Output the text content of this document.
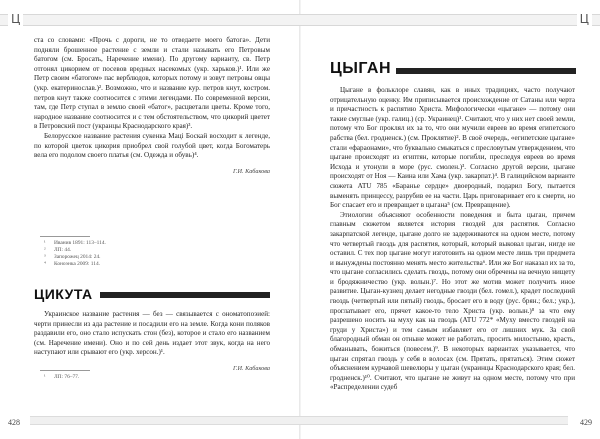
Ц

ста со словами: «Прочь с дороги, не то отведаете моего батога». Дети подняли брошенное растение с земли и стали называть его Петровым батогом (см. Бросать, Наречение имени). По другому варианту, св. Петр отгонял цикорием от посевов вредных насекомых (укр. харьков.)¹. Или же Петр своим «батогом» пас верблюдов, которых потому и зовут петровы овцы (укр. екатеринослав.)². Возможно, что и название кур. петров кнут, костром. петров кнут также соотносится с этими легендами. По современной версии, там, где Петр ступал в землю своей «батог», расцветали цветы. Кроме того, народное название соотносится и с тем обстоятельством, что цикорий цветет в Петровский пост (укранцы Краснодарского края)³.

Белорусское название растения сукенка Маці Боскай восходит к легенде, по которой цветок цикория приобрел свой голубой цвет, когда Богоматерь вела его подолом своего платья (см. Одежда и обувь)⁴.

Г.И. Кабакова
¹ Иванив 1891: 113–114.
² ЛП: 44.
³ Запорожец 2014: 24.
⁴ Коноэнка 2009: 114.
ЦИКУТА

Украинское название растения — без — связывается с ономатопоэией: черти принесли из ада растение и посадили его на земле. Когда кони поляков раздавили его, оно стало испускать стон (без), которое и стало его названием (см. Наречение имени). Оно и по сей день издает этот звук, когда на него наступают или срывают его (укр. херсон.)¹.

Г.И. Кабакова
¹ ЛП: 76–77.
428
Ц
ЦЫГАН

Цыгане в фольклоре славян, как в иных традициях, часто получают отрицательную оценку. Им приписывается происхождение от Сатаны или черта и причастность к распятию Христа. Мифологически «цыгане» — потому они такие смуглые (укр. галиц.) (ср. Украинец)¹. Считают, что у них нет своей земли, потому что Бог проклял их за то, что они мучили евреев во время египетского рабства (бел. гродненск.) (см. Проклятие)². В своё очередь, «египетские цыгане» стали «фараонами», что буквально смыкаться с пресловутым утверждением, что цыгане происходят из египтян, которые погибли, преследуя евреев во время Исхода и утонули в море (рус. смолен.)³. Согласно другой версии, цыгане происходят от Ноя — Каина или Хама (укр. закарпат.)⁴. В галицийском варианте сюжета ATU 785 «Баранье сердце» двоеродный, подарил Богу, пытается выменять принцессу, разрубив ее на части. Царь приговаривает его к смерти, но Бог спасает его и превращает в цыгана⁵ (см. Превращение).

Этиологии объясняют особенности поведения и быта цыган, причем главным сюжетом является история гвоздей для распятия. Согласно закарпатской легенде, цыгане долго не задерживаются на одном месте, потому что четвертый гвоздь для распятия, который, который выковал цыган, нигде не оставил. С тех пор цыгане могут изготовить на одном месте лишь три предмета и вынуждены постоянно менять место жительства⁶. Или же Бог наказал их за то, что цыгане согласились сделать гвоздь, потому они обречены на вечную нищету и бродяжничество (укр. волын.)⁷. Но этот же мотив может получить иное развитие. Цыган-кузнец делает негодные гвозди (бел. гомел.), крадет последний гвоздь (четвертый или пятый) гвоздь, бросает его в воду (рус. брян.; бел.; укр.), проглатывает его, прячет какое-то тело Христа (укр. волын.)⁸ за что ему разрешено носить на муху как на гвоздь (ATU 772* «Муху вместо гвоздей на груди у Христа») и тем самым избавляет его от лишних мук. За свой благородный обман он отныне может не работать, просить милостыню, красть, обманывать, божиться (повесем.)⁹. В некоторых вариантах указывается, что цыган спрятал гвоздь у себя в волосах (см. Прятать, прятаться). Этим сюжет объяснением курчавой шевелюры у цыган (украинцы Краснодарского края; бел. гродненск.)¹⁰. Считают, что цыгане не живут на одном месте, потому что при «Распределении судеб

429
